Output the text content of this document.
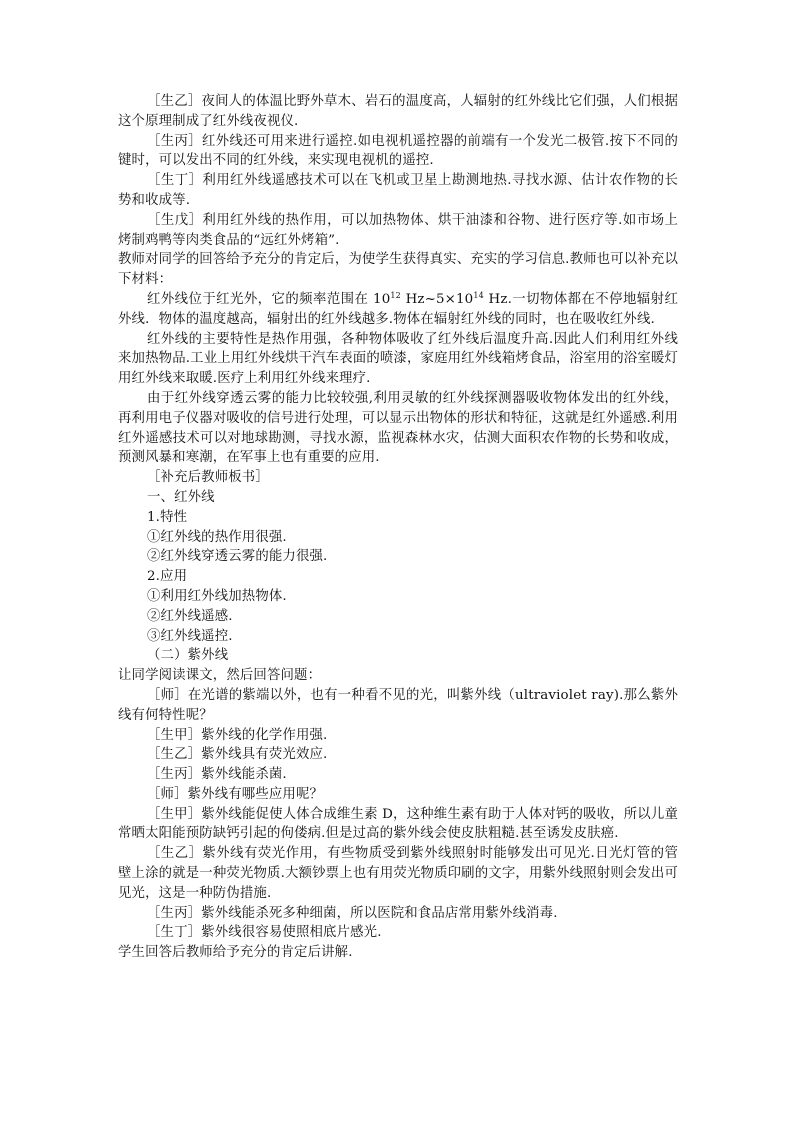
［生乙］夜间人的体温比野外草木、岩石的温度高，人辐射的红外线比它们强，人们根据这个原理制成了红外线夜视仪.

［生丙］红外线还可用来进行遥控.如电视机遥控器的前端有一个发光二极管.按下不同的键时，可以发出不同的红外线，来实现电视机的遥控.

［生丁］利用红外线遥感技术可以在飞机或卫星上勘测地热.寻找水源、估计农作物的长势和收成等.

［生戊］利用红外线的热作用，可以加热物体、烘干油漆和谷物、进行医疗等.如市场上烤制鸡鸭等肉类食品的“远红外烤箱”.

教师对同学的回答给予充分的肯定后，为使学生获得真实、充实的学习信息.教师也可以补充以下材料：

红外线位于红光外，它的频率范围在 $10^{12}$ $Hz\sim 5\times 10^{14}$ Hz.一切物体都在不停地辐射红外线．物体的温度越高，辐射出的红外线越多.物体在辐射红外线的同时，也在吸收红外线.

红外线的主要特性是热作用强，各种物体吸收了红外线后温度升高.因此人们利用红外线来加热物品.工业上用红外线烘干汽车表面的喷漆，家庭用红外线箱烤食品，浴室用的浴室暖灯用红外线来取暖.医疗上利用红外线来理疗.

由于红外线穿透云雾的能力比较较强,利用灵敏的红外线探测器吸收物体发出的红外线，再利用电子仪器对吸收的信号进行处理，可以显示出物体的形状和特征，这就是红外遥感.利用红外遥感技术可以对地球勘测，寻找水源，监视森林水灾，估测大面积农作物的长势和收成，预测风暴和寒潮，在军事上也有重要的应用.

［补充后教师板书］

一、红外线

1.特性

①红外线的热作用很强.

②红外线穿透云雾的能力很强.

2.应用

①利用红外线加热物体.

②红外线遥感.

③红外线遥控.

（二）紫外线

让同学阅读课文，然后回答问题：

［师］在光谱的紫端以外，也有一种看不见的光，叫紫外线（ultraviolet ray).那么紫外线有何特性呢？

［生甲］紫外线的化学作用强.

［生乙］紫外线具有荧光效应.

［生丙］紫外线能杀菌.

［师］紫外线有哪些应用呢？

［生甲］紫外线能促使人体合成维生素 D，这种维生素有助于人体对钙的吸收，所以儿童常晒太阳能预防缺钙引起的佝偻病.但是过高的紫外线会使皮肤粗糙.甚至诱发皮肤癌.

［生乙］紫外线有荧光作用，有些物质受到紫外线照射时能够发出可见光.日光灯管的管壁上涂的就是一种荧光物质.大额钞票上也有用荧光物质印刷的文字，用紫外线照射则会发出可见光，这是一种防伪措施.

［生丙］紫外线能杀死多种细菌，所以医院和食品店常用紫外线消毒.

［生丁］紫外线很容易使照相底片感光.

学生回答后教师给予充分的肯定后讲解.
